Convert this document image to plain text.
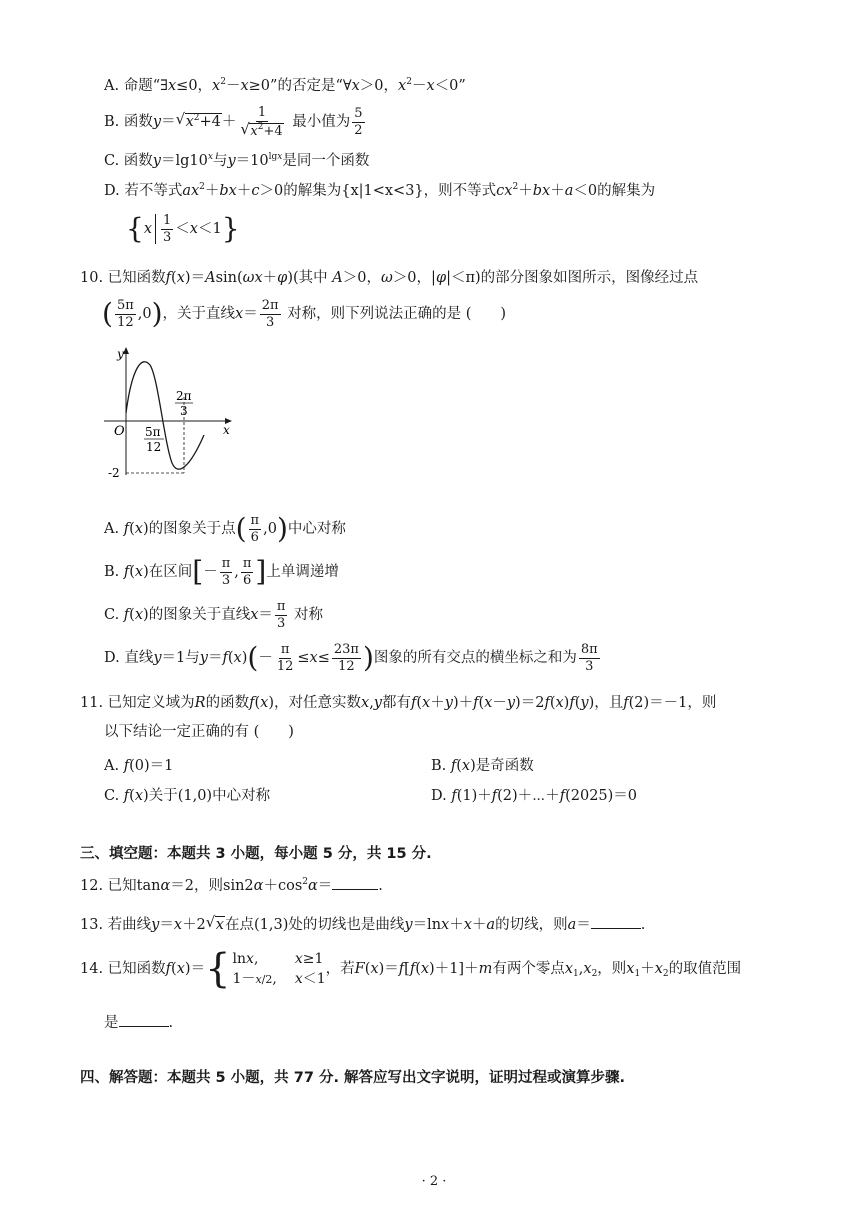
A. 命题“∃x≤0，$x^2-x\ge 0$”的否定是“∀x＞0，$x^2-x<0$”
B. 函数y＝ √ $x^2+4+ 1$
√ $x^2+4$ 最小值为 $\frac{5}{2}$
C. 函数$y=\lg 10^x$与$y=10^{lgx}$是同一个函数
D. 若不等式$ax^2+bx+c>0$的解集为{x|1<x<3}，则不等式$cx^2+bx+a<0$的解集为
$\{x \frac{1}{3} <x<1\}$
10. 已知函数f(x)＝Asin(ωx＋φ)(其中 A＞0，ω＞0，|φ|＜π)的部分图象如图所示，图像经过点
( $\frac{5\pi}{12} ,0$)，关于直线$x= \frac{2\pi}{3}$ 对称，则下列说法正确的是 (　　)
y
x
O
2π
3
5π
12
-2
A. f(x)的图象关于点( $\frac{\pi}{6} ,0$)中心对称
B. f(x)在区间[－ $\frac{\pi}{3}$ , $\frac{\pi}{6}$ ]上单调递增
C. f(x)的图象关于直线$x= \frac{\pi}{3}$ 对称
D. 直线y＝1与$y=f(x)(- \frac{\pi}{12} \le x\le \frac{23\pi}{12}$ )图象的所有交点的横坐标之和为 $\frac{8\pi}{3}$
11. 已知定义域为R的函数f(x)，对任意实数x,y都有f(x＋y)＋f(x－y)＝2f(x)f(y)，且f(2)＝－1，则
以下结论一定正确的有 (　　)
A. f(0)＝1	B. f(x)是奇函数
C. f(x)关于(1,0)中心对称	D. f(1)＋f(2)＋⋯＋f(2025)＝0
三、填空题：本题共 3 小题，每小题 5 分，共 15 分.
12. 已知tanα＝2，则$\sin 2\alpha+\cos^2\alpha=$	.
13. 若曲线y＝x＋2 √ x在点(1,3)处的切线也是曲线y＝lnx＋x＋a的切线，则a＝	.
14. 已知函数f(x)＝ { lnx,	x≥1
1－x/2, x＜1
，若F(x)＝f[f(x)＋1]＋m有两个零点$x_1,x_2$，则$x_1+x_2$的取值范围
是	.
四、解答题：本题共 5 小题，共 77 分. 解答应写出文字说明，证明过程或演算步骤.
· 2 ·
